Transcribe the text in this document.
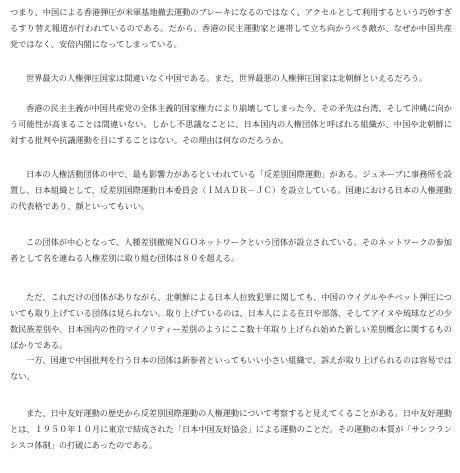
つまり、中国による香港弾圧が米軍基地撤去運動のブレーキになるのではなく、アクセルとして利用するという巧妙すぎるすり替え報道が行われているのである。だから、香港の民主運動家と連帯して立ち向かうべき敵が、なぜか中国共産党ではなく、安倍内閣になってしまっている。

世界最大の人権弾圧国家は間違いなく中国である。また、世界最悪の人権弾圧国家は北朝鮮といえるだろう。

香港の民主主義が中国共産党の全体主義的国家権力により崩壊してしまった今、その矛先は台湾、そして沖縄に向かう可能性が高まることは間違いない。しかし不思議なことに、日本国内の人権団体と呼ばれる組織が、中国や北朝鮮に対する批判や抗議運動を目にすることはない。その理由は何なのだろうか。

日本の人権活動団体の中で、最も影響力があるといわれている「反差別国際運動」がある。ジュネーブに事務所を設置し、日本組織として、反差別国際運動日本委員会（ＩＭＡＤＲ－ＪＣ）を設立している。国連における日本の人権運動の代表格であり、顔といってもいい。

この団体が中心となって、人種差別撤廃ＮＧＯネットワークという団体が設立されている。そのネットワークの参加者として名を連ねる人権差別に取り組む団体は８０を超える。

ただ、これだけの団体がありながら、北朝鮮による日本人拉致犯罪に関しても、中国のウイグルやチベット弾圧についても取り上げている団体は見られない。取り上げているのは、日本人による在日や部落、そしてアイヌや琉球などの少数民族差別や、日本国内の性的マイノリティー差別のようにここ数十年取り上げられ始めた新しい差別概念に関するものばかりである。

一方、国連で中国批判を行う日本の団体は新参者といってもいい小さい組織で、訴えが取り上げられるのは容易ではない。

また、日中友好運動の歴史から反差別国際運動の人権運動について考察すると見えてくることがある。日中友好運動とは、１９５０年１０月に東京で結成された「日本中国友好協会」による運動のことだ。その運動の本質が「サンフランシスコ体制」の打破にあったのである。
